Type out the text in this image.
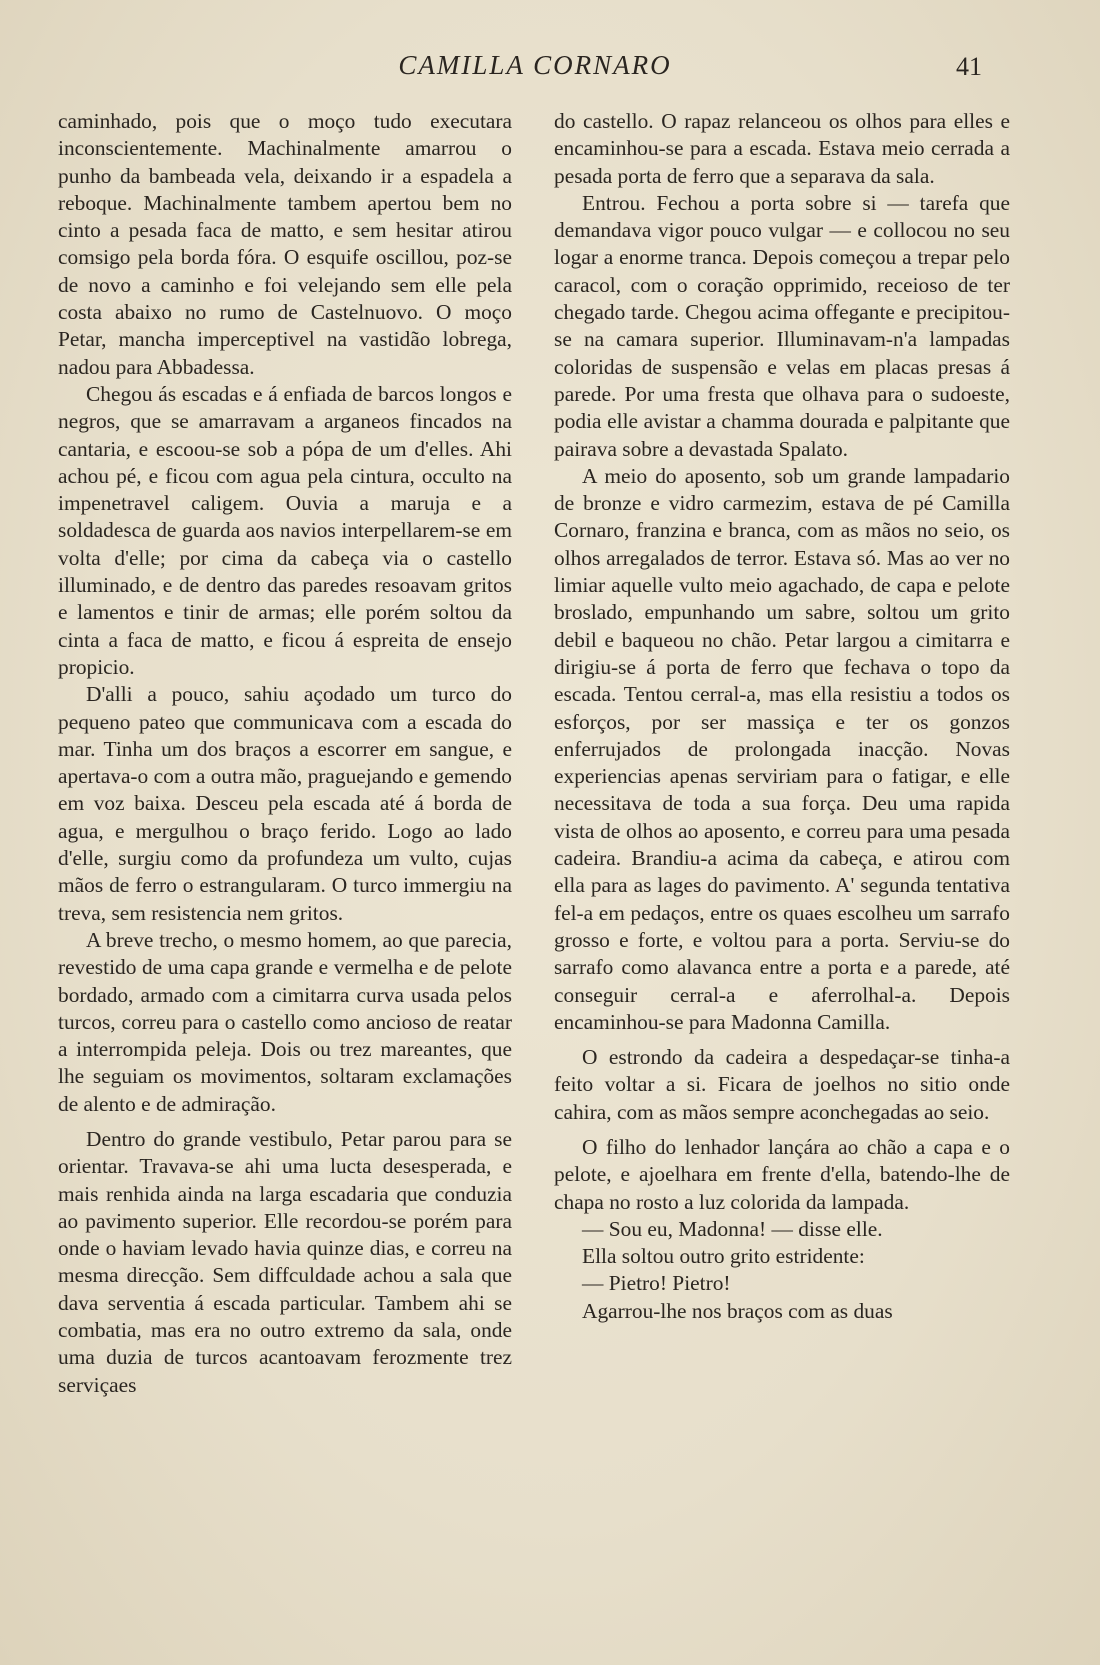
CAMILLA CORNARO	41

caminhado, pois que o moço tudo executara inconscientemente. Machinalmente amarrou o punho da bambeada vela, deixando ir a espadela a reboque. Machinalmente tambem apertou bem no cinto a pesada faca de matto, e sem hesitar atirou comsigo pela borda fóra. O esquife oscillou, poz-se de novo a caminho e foi velejando sem elle pela costa abaixo no rumo de Castelnuovo. O moço Petar, mancha imperceptivel na vastidão lobrega, nadou para Abbadessa.

Chegou ás escadas e á enfiada de barcos longos e negros, que se amarravam a arganeos fincados na cantaria, e escoou-se sob a pópa de um d'elles. Ahi achou pé, e ficou com agua pela cintura, occulto na impenetravel caligem. Ouvia a maruja e a soldadesca de guarda aos navios interpellarem-se em volta d'elle; por cima da cabeça via o castello illuminado, e de dentro das paredes resoavam gritos e lamentos e tinir de armas; elle porém soltou da cinta a faca de matto, e ficou á espreita de ensejo propicio.

D'alli a pouco, sahiu açodado um turco do pequeno pateo que communicava com a escada do mar. Tinha um dos braços a escorrer em sangue, e apertava-o com a outra mão, praguejando e gemendo em voz baixa. Desceu pela escada até á borda de agua, e mergulhou o braço ferido. Logo ao lado d'elle, surgiu como da profundeza um vulto, cujas mãos de ferro o estrangularam. O turco immergiu na treva, sem resistencia nem gritos.

A breve trecho, o mesmo homem, ao que parecia, revestido de uma capa grande e vermelha e de pelote bordado, armado com a cimitarra curva usada pelos turcos, correu para o castello como ancioso de reatar a interrompida peleja. Dois ou trez mareantes, que lhe seguiam os movimentos, soltaram exclamações de alento e de admiração.

Dentro do grande vestibulo, Petar parou para se orientar. Travava-se ahi uma lucta desesperada, e mais renhida ainda na larga escadaria que conduzia ao pavimento superior. Elle recordou-se porém para onde o haviam levado havia quinze dias, e correu na mesma direcção. Sem diffculdade achou a sala que dava serventia á escada particular. Tambem ahi se combatia, mas era no outro extremo da sala, onde uma duzia de turcos acantoavam ferozmente trez serviçaes

do castello. O rapaz relanceou os olhos para elles e encaminhou-se para a escada. Estava meio cerrada a pesada porta de ferro que a separava da sala.

Entrou. Fechou a porta sobre si — tarefa que demandava vigor pouco vulgar — e collocou no seu logar a enorme tranca. Depois começou a trepar pelo caracol, com o coração opprimido, receioso de ter chegado tarde. Chegou acima offegante e precipitou-se na camara superior. Illuminavam-n'a lampadas coloridas de suspensão e velas em placas presas á parede. Por uma fresta que olhava para o sudoeste, podia elle avistar a chamma dourada e palpitante que pairava sobre a devastada Spalato.

A meio do aposento, sob um grande lampadario de bronze e vidro carmezim, estava de pé Camilla Cornaro, franzina e branca, com as mãos no seio, os olhos arregalados de terror. Estava só. Mas ao ver no limiar aquelle vulto meio agachado, de capa e pelote broslado, empunhando um sabre, soltou um grito debil e baqueou no chão. Petar largou a cimitarra e dirigiu-se á porta de ferro que fechava o topo da escada. Tentou cerral-a, mas ella resistiu a todos os esforços, por ser massiça e ter os gonzos enferrujados de prolongada inacção. Novas experiencias apenas serviriam para o fatigar, e elle necessitava de toda a sua força. Deu uma rapida vista de olhos ao aposento, e correu para uma pesada cadeira. Brandiu-a acima da cabeça, e atirou com ella para as lages do pavimento. A' segunda tentativa fel-a em pedaços, entre os quaes escolheu um sarrafo grosso e forte, e voltou para a porta. Serviu-se do sarrafo como alavanca entre a porta e a parede, até conseguir cerral-a e aferrolhal-a. Depois encaminhou-se para Madonna Camilla.

O estrondo da cadeira a despedaçar-se tinha-a feito voltar a si. Ficara de joelhos no sitio onde cahira, com as mãos sempre aconchegadas ao seio.

O filho do lenhador lançára ao chão a capa e o pelote, e ajoelhara em frente d'ella, batendo-lhe de chapa no rosto a luz colorida da lampada.

— Sou eu, Madonna! — disse elle.

Ella soltou outro grito estridente:

— Pietro! Pietro!

Agarrou-lhe nos braços com as duas
